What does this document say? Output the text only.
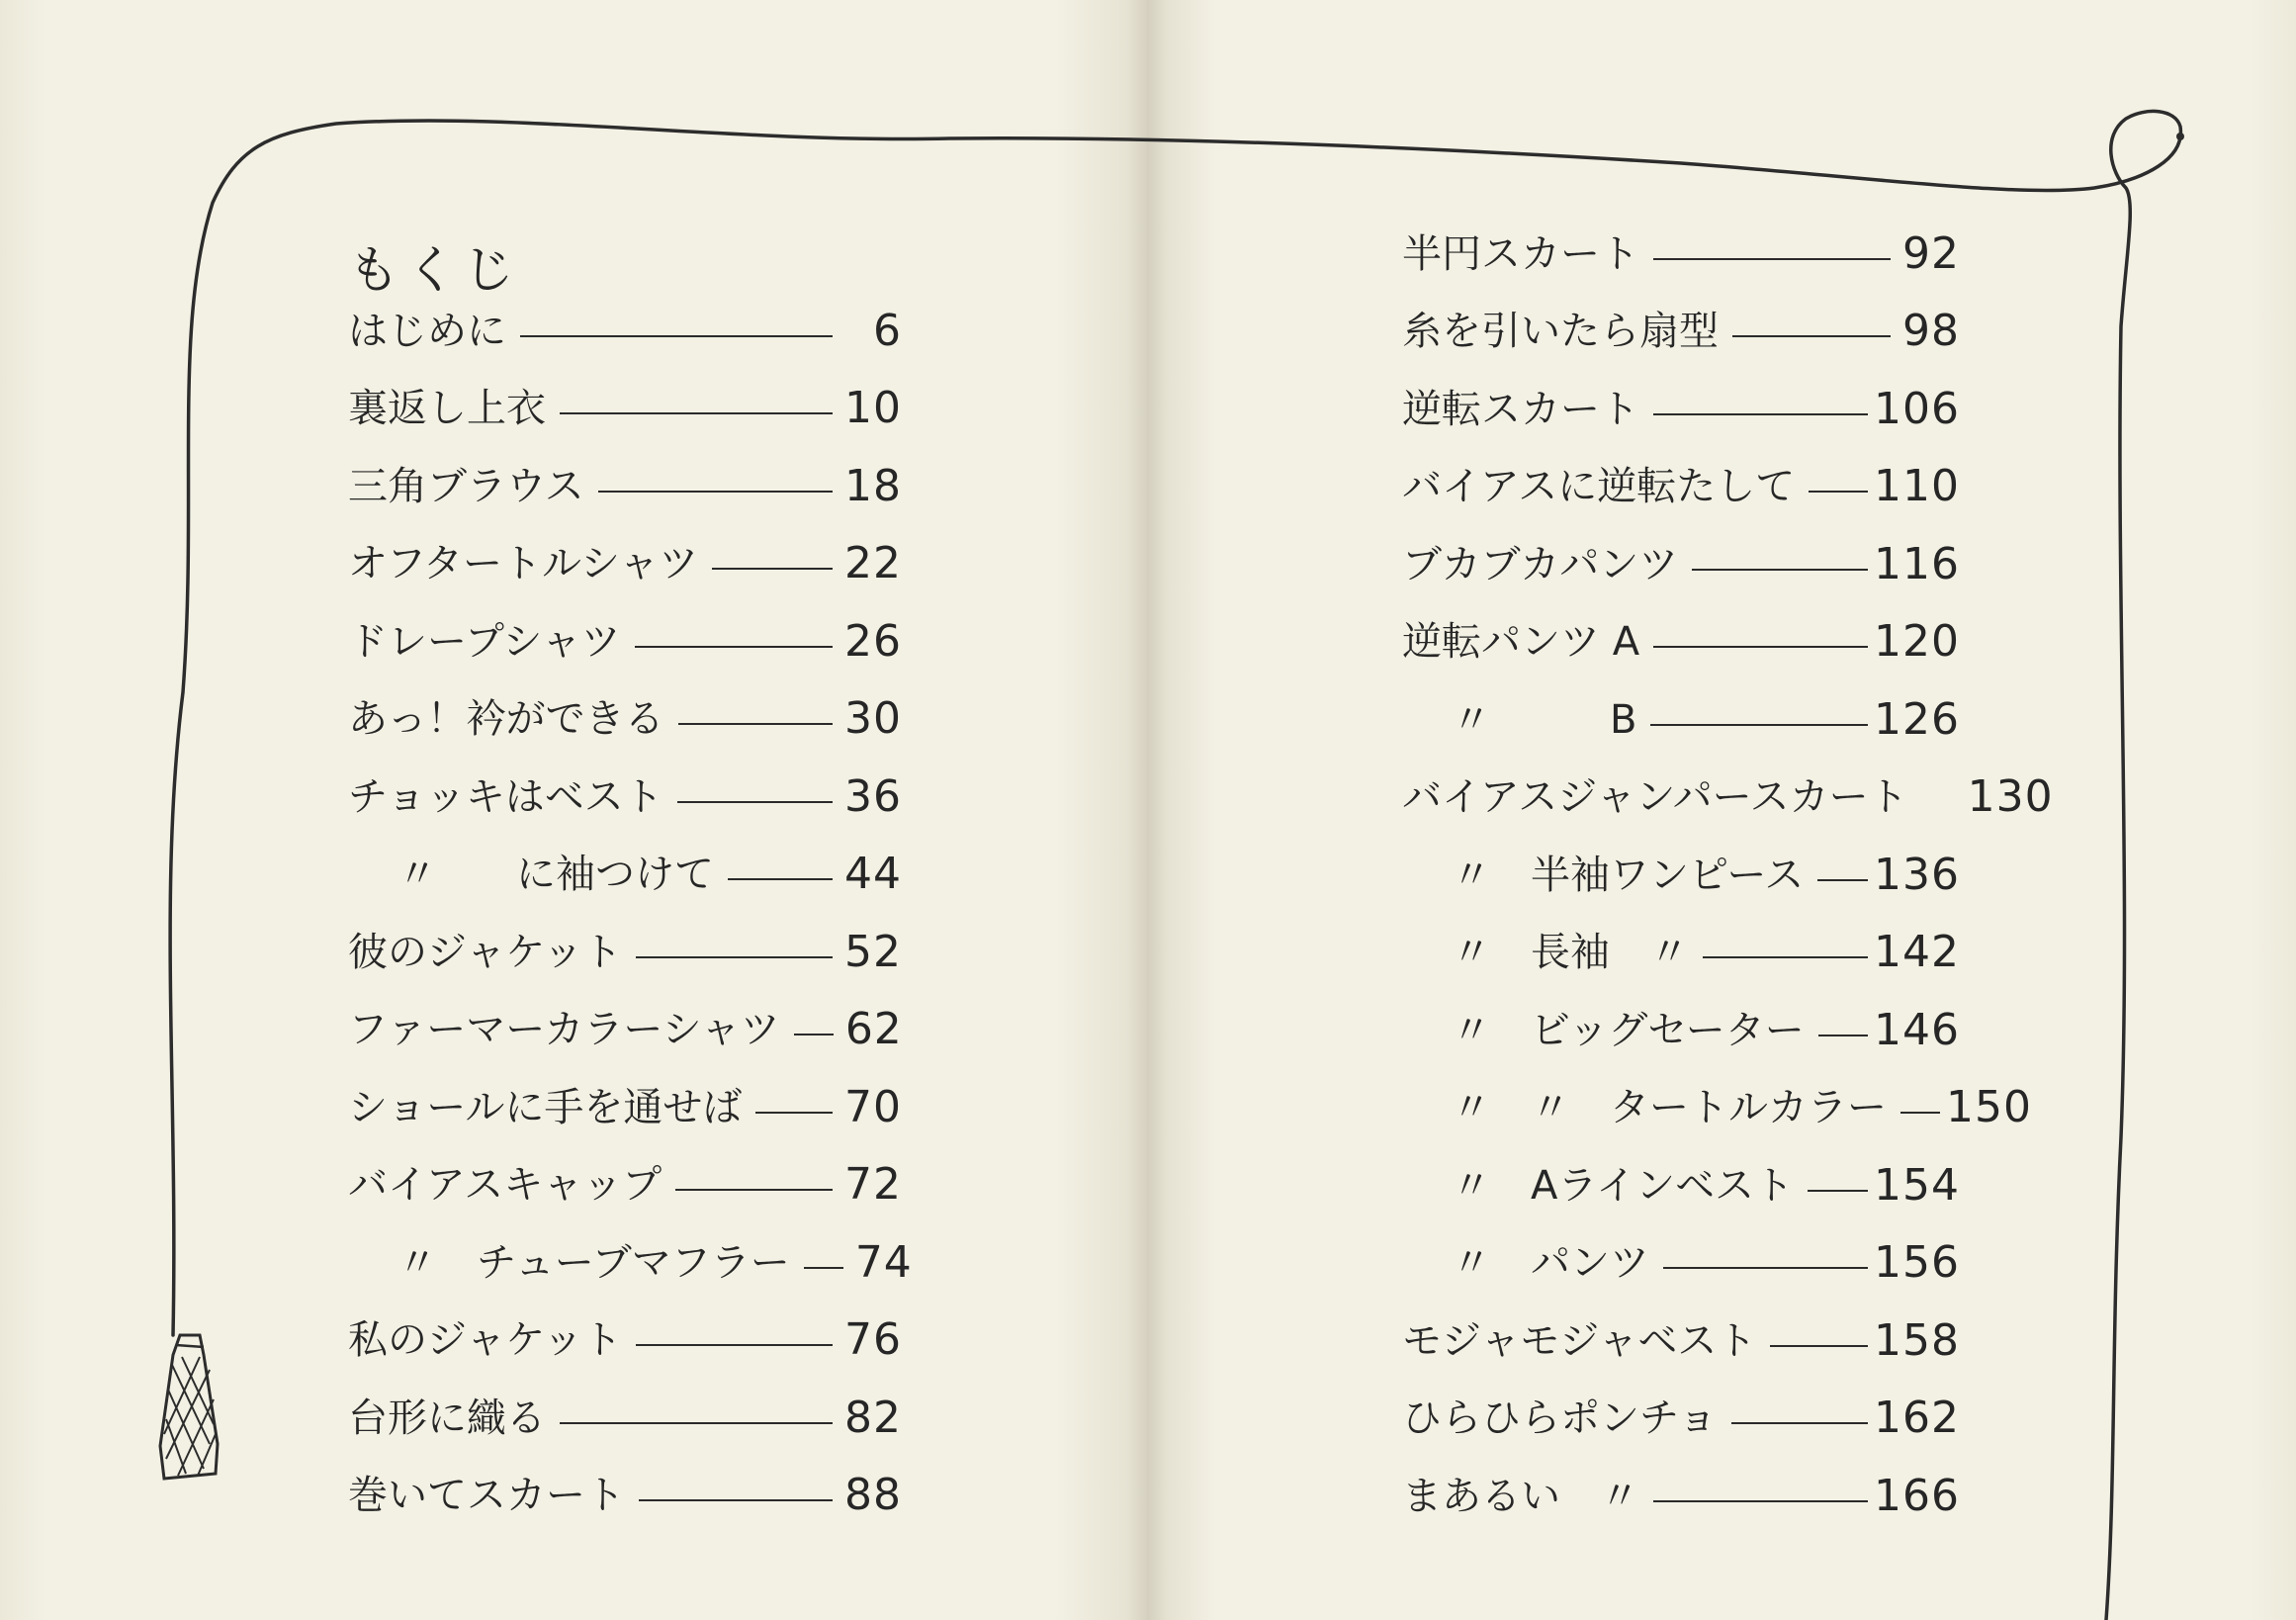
もくじ
はじめに	6
裏返し上衣	10
三角ブラウス	18
オフタートルシャツ	22
ドレープシャツ	26
あっ！衿ができる	30
チョッキはベスト	36
〃　　に袖つけて	44
彼のジャケット	52
ファーマーカラーシャツ 62
ショールに手を通せば 70
バイアスキャップ	72
〃　チューブマフラー 74
私のジャケット	76
台形に織る	82
巻いてスカート	88
半円スカート	92
糸を引いたら扇型	98
逆転スカート	106
バイアスに逆転たして 110
ブカブカパンツ	116
逆転パンツ A	120
〃　　　B	126
バイアスジャンパースカート 130
〃　半袖ワンピース 136
〃　長袖　〃	142
〃　ビッグセーター 146
〃　〃　タートルカラー 150
〃　Aラインベスト 154
〃　パンツ	156
モジャモジャベスト	158
ひらひらポンチョ	162
まあるい　〃	166
